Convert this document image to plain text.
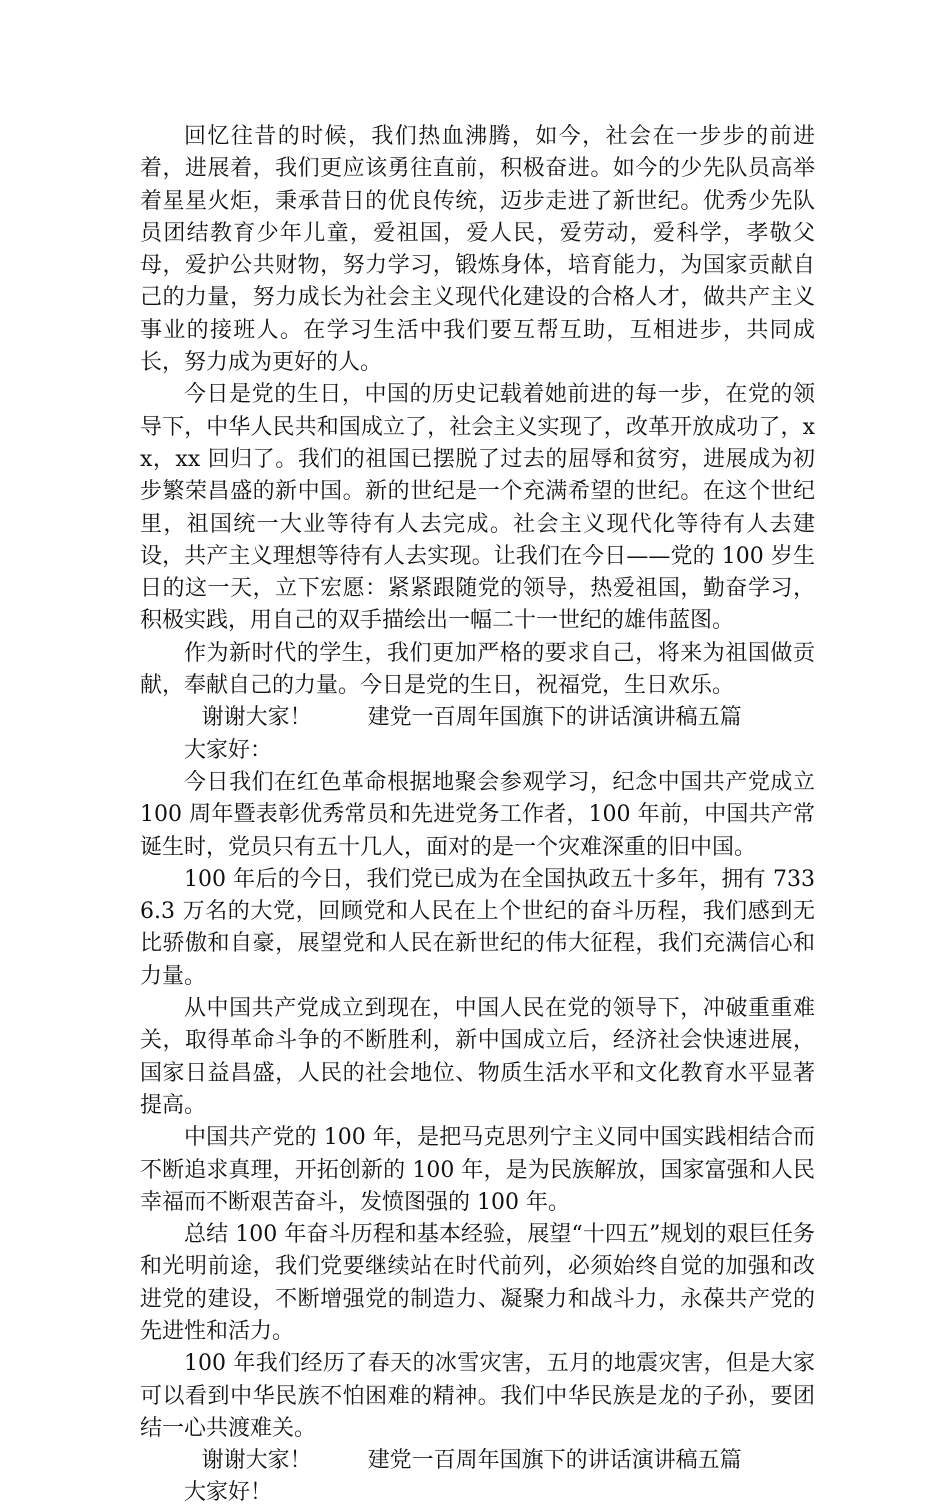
回忆往昔的时候，我们热血沸腾，如今，社会在一步步的前进着，进展着，我们更应该勇往直前，积极奋进。如今的少先队员高举着星星火炬，秉承昔日的优良传统，迈步走进了新世纪。优秀少先队员团结教育少年儿童，爱祖国，爱人民，爱劳动，爱科学，孝敬父母，爱护公共财物，努力学习，锻炼身体，培育能力，为国家贡献自己的力量，努力成长为社会主义现代化建设的合格人才，做共产主义事业的接班人。在学习生活中我们要互帮互助，互相进步，共同成长，努力成为更好的人。

今日是党的生日，中国的历史记载着她前进的每一步，在党的领导下，中华人民共和国成立了，社会主义实现了，改革开放成功了，xx，xx 回归了。我们的祖国已摆脱了过去的屈辱和贫穷，进展成为初步繁荣昌盛的新中国。新的世纪是一个充满希望的世纪。在这个世纪里，祖国统一大业等待有人去完成。社会主义现代化等待有人去建设，共产主义理想等待有人去实现。让我们在今日——党的 100 岁生日的这一天，立下宏愿：紧紧跟随党的领导，热爱祖国，勤奋学习，积极实践，用自己的双手描绘出一幅二十一世纪的雄伟蓝图。

作为新时代的学生，我们更加严格的要求自己，将来为祖国做贡献，奉献自己的力量。今日是党的生日，祝福党，生日欢乐。

谢谢大家！	建党一百周年国旗下的讲话演讲稿五篇

大家好：

今日我们在红色革命根据地聚会参观学习，纪念中国共产党成立 100 周年暨表彰优秀常员和先进党务工作者，100 年前，中国共产常诞生时，党员只有五十几人，面对的是一个灾难深重的旧中国。

100 年后的今日，我们党已成为在全国执政五十多年，拥有 7336.3 万名的大党，回顾党和人民在上个世纪的奋斗历程，我们感到无比骄傲和自豪，展望党和人民在新世纪的伟大征程，我们充满信心和力量。

从中国共产党成立到现在，中国人民在党的领导下，冲破重重难关，取得革命斗争的不断胜利，新中国成立后，经济社会快速进展，国家日益昌盛，人民的社会地位、物质生活水平和文化教育水平显著提高。

中国共产党的 100 年，是把马克思列宁主义同中国实践相结合而不断追求真理，开拓创新的 100 年，是为民族解放，国家富强和人民幸福而不断艰苦奋斗，发愤图强的 100 年。

总结 100 年奋斗历程和基本经验，展望“十四五”规划的艰巨任务和光明前途，我们党要继续站在时代前列，必须始终自觉的加强和改进党的建设，不断增强党的制造力、凝聚力和战斗力，永葆共产党的先进性和活力。

100 年我们经历了春天的冰雪灾害，五月的地震灾害，但是大家可以看到中华民族不怕困难的精神。我们中华民族是龙的子孙，要团结一心共渡难关。

谢谢大家！	建党一百周年国旗下的讲话演讲稿五篇

大家好！
